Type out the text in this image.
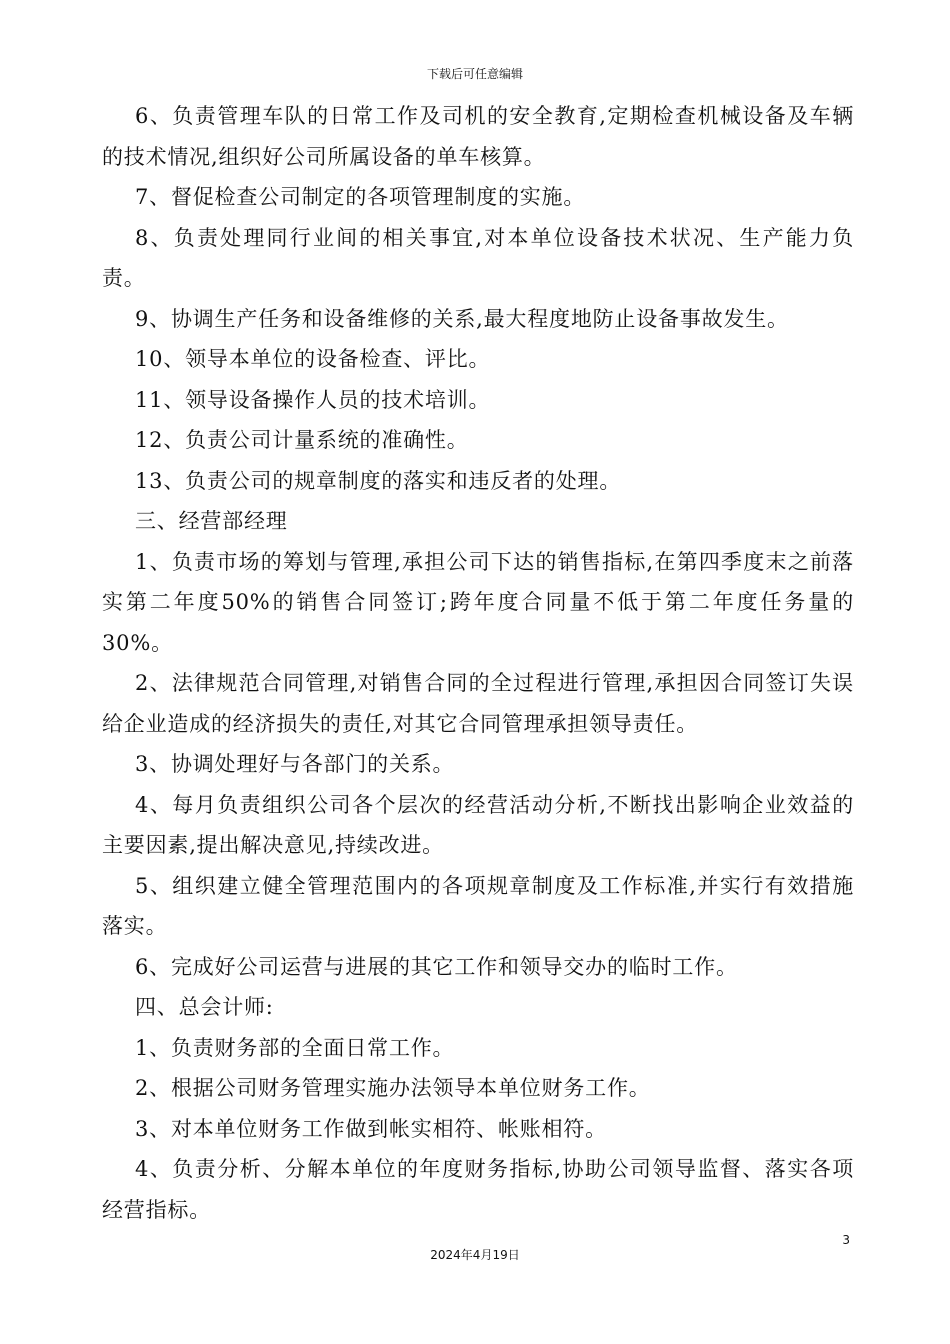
下载后可任意编辑

6、负责管理车队的日常工作及司机的安全教育,定期检查机械设备及车辆的技术情况,组织好公司所属设备的单车核算。

7、督促检查公司制定的各项管理制度的实施。

8、负责处理同行业间的相关事宜,对本单位设备技术状况、生产能力负责。

9、协调生产任务和设备维修的关系,最大程度地防止设备事故发生。

10、领导本单位的设备检查、评比。

11、领导设备操作人员的技术培训。

12、负责公司计量系统的准确性。

13、负责公司的规章制度的落实和违反者的处理。

三、经营部经理

1、负责市场的筹划与管理,承担公司下达的销售指标,在第四季度末之前落实第二年度50%的销售合同签订;跨年度合同量不低于第二年度任务量的30%。

2、法律规范合同管理,对销售合同的全过程进行管理,承担因合同签订失误给企业造成的经济损失的责任,对其它合同管理承担领导责任。

3、协调处理好与各部门的关系。

4、每月负责组织公司各个层次的经营活动分析,不断找出影响企业效益的主要因素,提出解决意见,持续改进。

5、组织建立健全管理范围内的各项规章制度及工作标准,并实行有效措施落实。

6、完成好公司运营与进展的其它工作和领导交办的临时工作。

四、总会计师:

1、负责财务部的全面日常工作。

2、根据公司财务管理实施办法领导本单位财务工作。

3、对本单位财务工作做到帐实相符、帐账相符。

4、负责分析、分解本单位的年度财务指标,协助公司领导监督、落实各项经营指标。

3
2024年4月19日
